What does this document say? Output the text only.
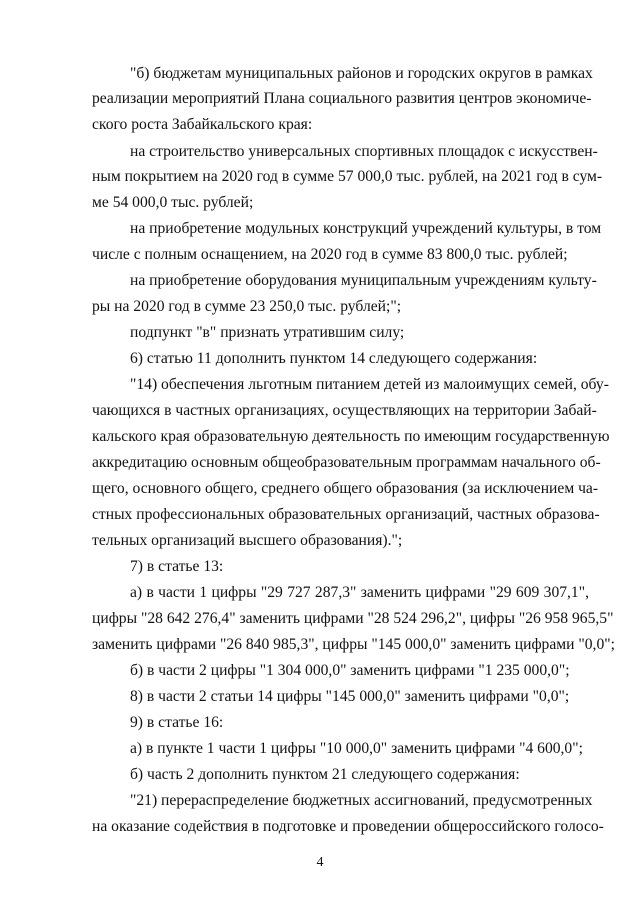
"б) бюджетам муниципальных районов и городских округов в рамках
реализации мероприятий Плана социального развития центров экономиче-
ского роста Забайкальского края:
на строительство универсальных спортивных площадок с искусствен-
ным покрытием на 2020 год в сумме 57 000,0 тыс. рублей, на 2021 год в сум-
ме 54 000,0 тыс. рублей;
на приобретение модульных конструкций учреждений культуры, в том
числе с полным оснащением, на 2020 год в сумме 83 800,0 тыс. рублей;
на приобретение оборудования муниципальным учреждениям культу-
ры на 2020 год в сумме 23 250,0 тыс. рублей;";
подпункт "в" признать утратившим силу;
6) статью 11 дополнить пунктом 14 следующего содержания:
"14) обеспечения льготным питанием детей из малоимущих семей, обу-
чающихся в частных организациях, осуществляющих на территории Забай-
кальского края образовательную деятельность по имеющим государственную
аккредитацию основным общеобразовательным программам начального об-
щего, основного общего, среднего общего образования (за исключением ча-
стных профессиональных образовательных организаций, частных образова-
тельных организаций высшего образования).";
7) в статье 13:
а) в части 1 цифры "29 727 287,3" заменить цифрами "29 609 307,1",
цифры "28 642 276,4" заменить цифрами "28 524 296,2", цифры "26 958 965,5"
заменить цифрами "26 840 985,3", цифры "145 000,0" заменить цифрами "0,0";
б) в части 2 цифры "1 304 000,0" заменить цифрами "1 235 000,0";
8) в части 2 статьи 14 цифры "145 000,0" заменить цифрами "0,0";
9) в статье 16:
а) в пункте 1 части 1 цифры "10 000,0" заменить цифрами "4 600,0";
б) часть 2 дополнить пунктом 21 следующего содержания:
"21) перераспределение бюджетных ассигнований, предусмотренных
на оказание содействия в подготовке и проведении общероссийского голосо-
4
